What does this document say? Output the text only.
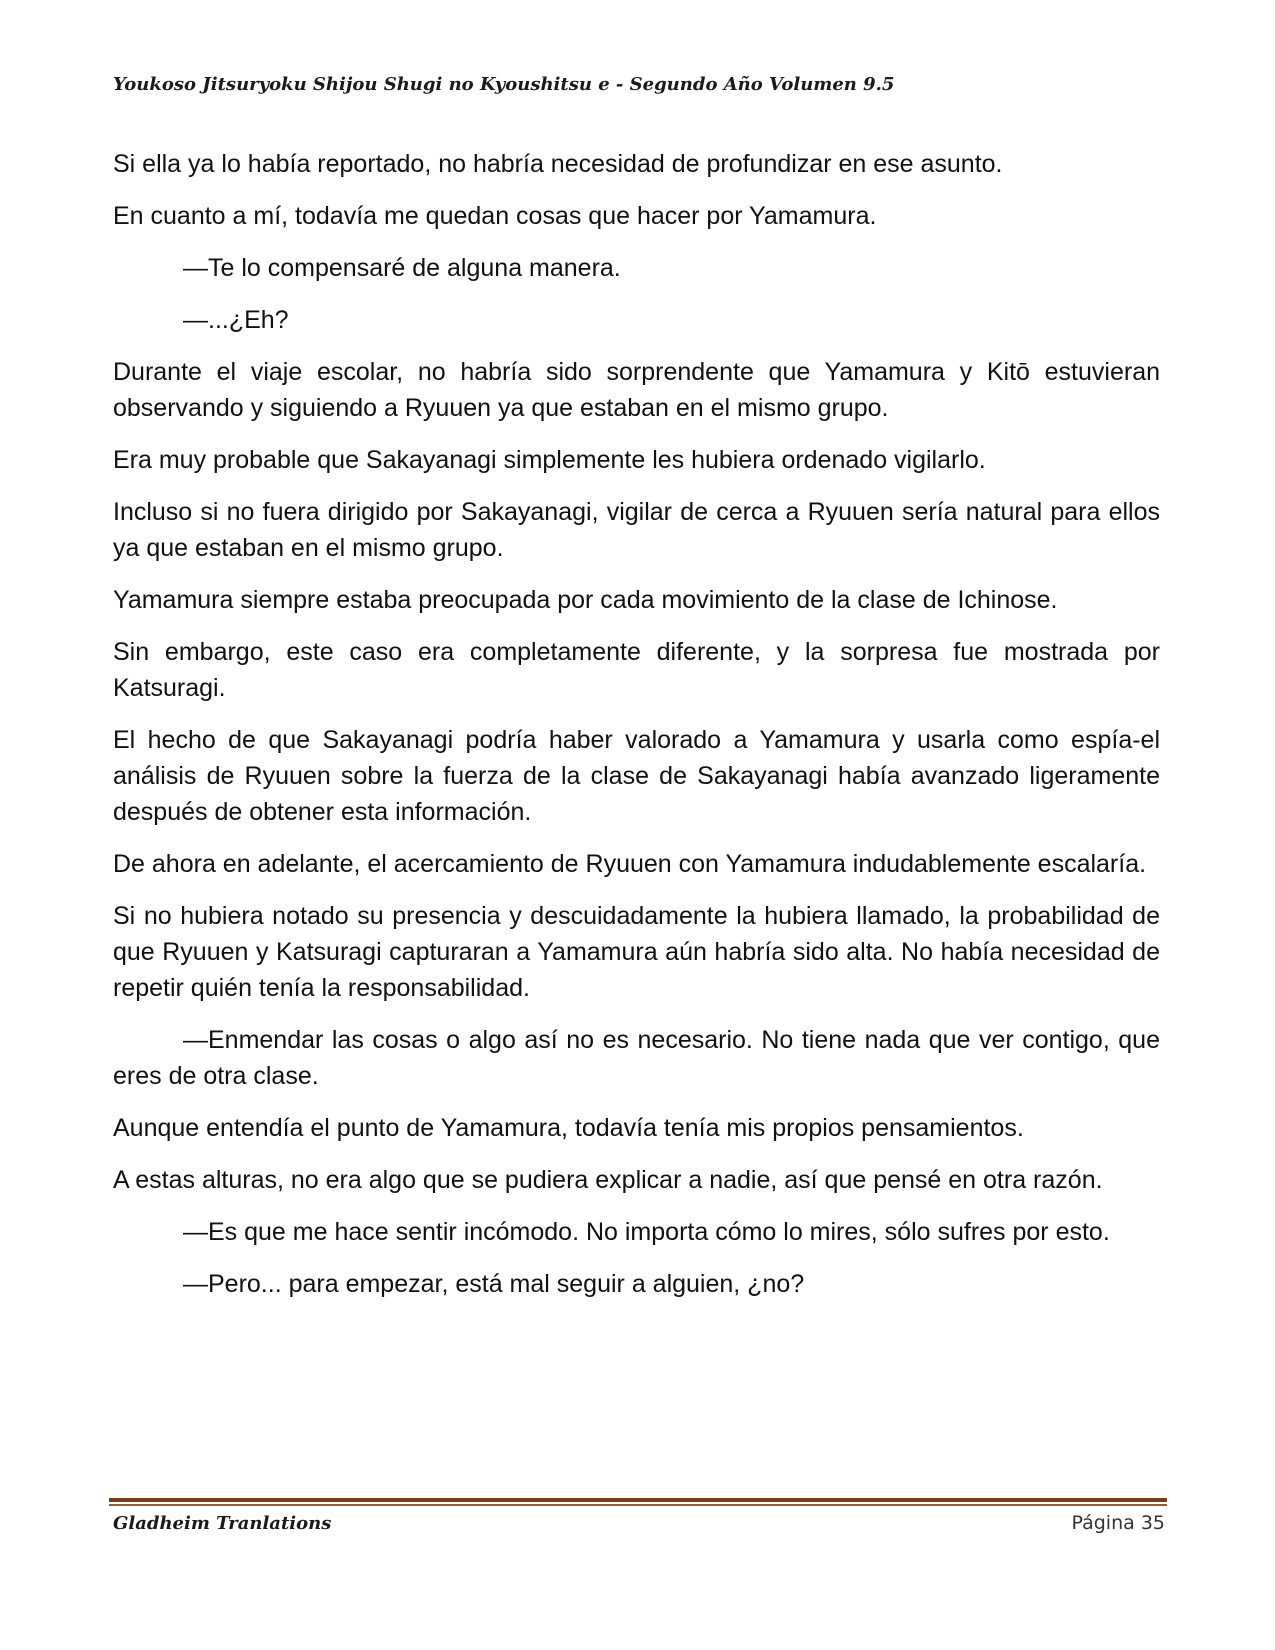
Youkoso Jitsuryoku Shijou Shugi no Kyoushitsu e - Segundo Año Volumen 9.5

Si ella ya lo había reportado, no habría necesidad de profundizar en ese asunto.

En cuanto a mí, todavía me quedan cosas que hacer por Yamamura.

—Te lo compensaré de alguna manera.

—...¿Eh?

Durante el viaje escolar, no habría sido sorprendente que Yamamura y Kitō estuvieran observando y siguiendo a Ryuuen ya que estaban en el mismo grupo.

Era muy probable que Sakayanagi simplemente les hubiera ordenado vigilarlo.

Incluso si no fuera dirigido por Sakayanagi, vigilar de cerca a Ryuuen sería natural para ellos ya que estaban en el mismo grupo.

Yamamura siempre estaba preocupada por cada movimiento de la clase de Ichinose.

Sin embargo, este caso era completamente diferente, y la sorpresa fue mostrada por Katsuragi.

El hecho de que Sakayanagi podría haber valorado a Yamamura y usarla como espía-el análisis de Ryuuen sobre la fuerza de la clase de Sakayanagi había avanzado ligeramente después de obtener esta información.

De ahora en adelante, el acercamiento de Ryuuen con Yamamura indudablemente escalaría.

Si no hubiera notado su presencia y descuidadamente la hubiera llamado, la probabilidad de que Ryuuen y Katsuragi capturaran a Yamamura aún habría sido alta. No había necesidad de repetir quién tenía la responsabilidad.

—Enmendar las cosas o algo así no es necesario. No tiene nada que ver contigo, que eres de otra clase.

Aunque entendía el punto de Yamamura, todavía tenía mis propios pensamientos.

A estas alturas, no era algo que se pudiera explicar a nadie, así que pensé en otra razón.

—Es que me hace sentir incómodo. No importa cómo lo mires, sólo sufres por esto.

—Pero... para empezar, está mal seguir a alguien, ¿no?

Gladheim Tranlations	Página 35
